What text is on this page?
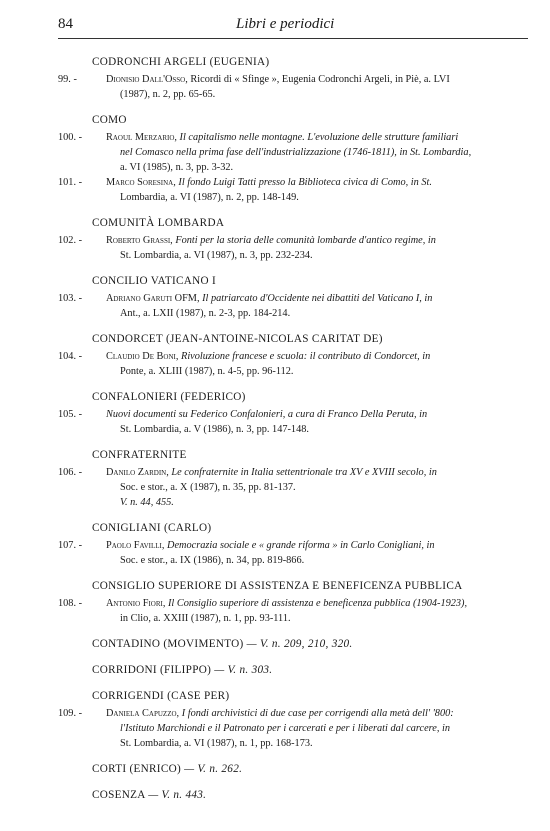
84	Libri e periodici
CODRONCHI ARGELI (EUGENIA)
99. -	Dionisio Dall'Osso, Ricordi di « Sfinge », Eugenia Codronchi Argeli, in Piè, a. LVI
(1987), n. 2, pp. 65-65.
COMO
100. -	Raoul Merzario, Il capitalismo nelle montagne. L'evoluzione delle strutture familiari
nel Comasco nella prima fase dell'industrializzazione (1746-1811), in St. Lombardia,
a. VI (1985), n. 3, pp. 3-32.
101. -	Marco Soresina, Il fondo Luigi Tatti presso la Biblioteca civica di Como, in St.
Lombardia, a. VI (1987), n. 2, pp. 148-149.
COMUNITÀ LOMBARDA
102. -	Roberto Grassi, Fonti per la storia delle comunità lombarde d'antico regime, in
St. Lombardia, a. VI (1987), n. 3, pp. 232-234.
CONCILIO VATICANO I
103. -	Adriano Garuti OFM, Il patriarcato d'Occidente nei dibattiti del Vaticano I, in
Ant., a. LXII (1987), n. 2-3, pp. 184-214.
CONDORCET (JEAN-ANTOINE-NICOLAS CARITAT DE)
104. -	Claudio De Boni, Rivoluzione francese e scuola: il contributo di Condorcet, in
Ponte, a. XLIII (1987), n. 4-5, pp. 96-112.
CONFALONIERI (FEDERICO)
105. -	Nuovi documenti su Federico Confalonieri, a cura di Franco Della Peruta, in
St. Lombardia, a. V (1986), n. 3, pp. 147-148.
CONFRATERNITE
106. -	Danilo Zardin, Le confraternite in Italia settentrionale tra XV e XVIII secolo, in
Soc. e stor., a. X (1987), n. 35, pp. 81-137.
V. n. 44, 455.
CONIGLIANI (CARLO)
107. -	Paolo Favilli, Democrazia sociale e « grande riforma » in Carlo Conigliani, in
Soc. e stor., a. IX (1986), n. 34, pp. 819-866.
CONSIGLIO SUPERIORE DI ASSISTENZA E BENEFICENZA PUBBLICA
108. -	Antonio Fiori, Il Consiglio superiore di assistenza e beneficenza pubblica (1904-1923),
in Clio, a. XXIII (1987), n. 1, pp. 93-111.
CONTADINO (MOVIMENTO) — V. n. 209, 210, 320.
CORRIDONI (FILIPPO) — V. n. 303.
CORRIGENDI (CASE PER)
109. -	Daniela Capuzzo, I fondi archivistici di due case per corrigendi alla metà dell' '800:
l'Istituto Marchiondi e il Patronato per i carcerati e per i liberati dal carcere, in
St. Lombardia, a. VI (1987), n. 1, pp. 168-173.
CORTI (ENRICO) — V. n. 262.
COSENZA — V. n. 443.
